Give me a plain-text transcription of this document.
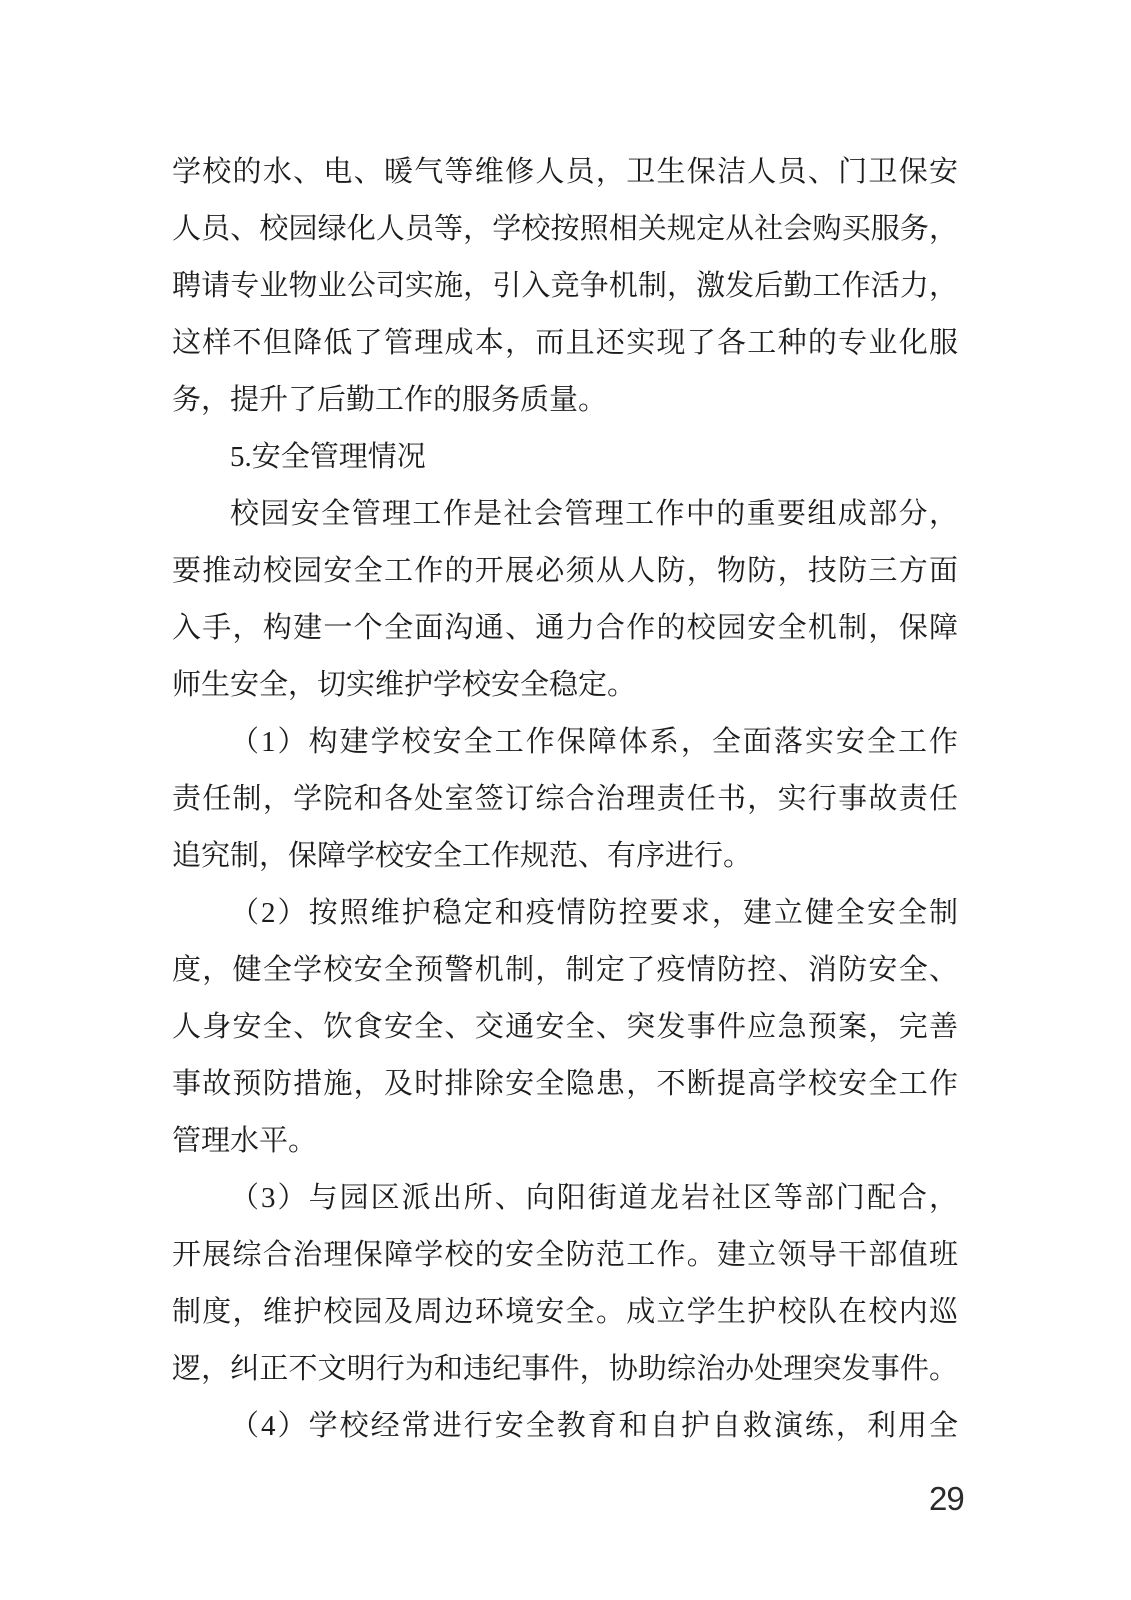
学校的水、电、暖气等维修人员，卫生保洁人员、门卫保安
人员、校园绿化人员等，学校按照相关规定从社会购买服务，
聘请专业物业公司实施，引入竞争机制，激发后勤工作活力，
这样不但降低了管理成本，而且还实现了各工种的专业化服
务，提升了后勤工作的服务质量。
5.安全管理情况
校园安全管理工作是社会管理工作中的重要组成部分，
要推动校园安全工作的开展必须从人防，物防，技防三方面
入手，构建一个全面沟通、通力合作的校园安全机制，保障
师生安全，切实维护学校安全稳定。
（1）构建学校安全工作保障体系，全面落实安全工作
责任制，学院和各处室签订综合治理责任书，实行事故责任
追究制，保障学校安全工作规范、有序进行。
（2）按照维护稳定和疫情防控要求，建立健全安全制
度，健全学校安全预警机制，制定了疫情防控、消防安全、
人身安全、饮食安全、交通安全、突发事件应急预案，完善
事故预防措施，及时排除安全隐患，不断提高学校安全工作
管理水平。
（3）与园区派出所、向阳街道龙岩社区等部门配合，
开展综合治理保障学校的安全防范工作。建立领导干部值班
制度，维护校园及周边环境安全。成立学生护校队在校内巡
逻，纠正不文明行为和违纪事件，协助综治办处理突发事件。
（4）学校经常进行安全教育和自护自救演练，利用全
29
